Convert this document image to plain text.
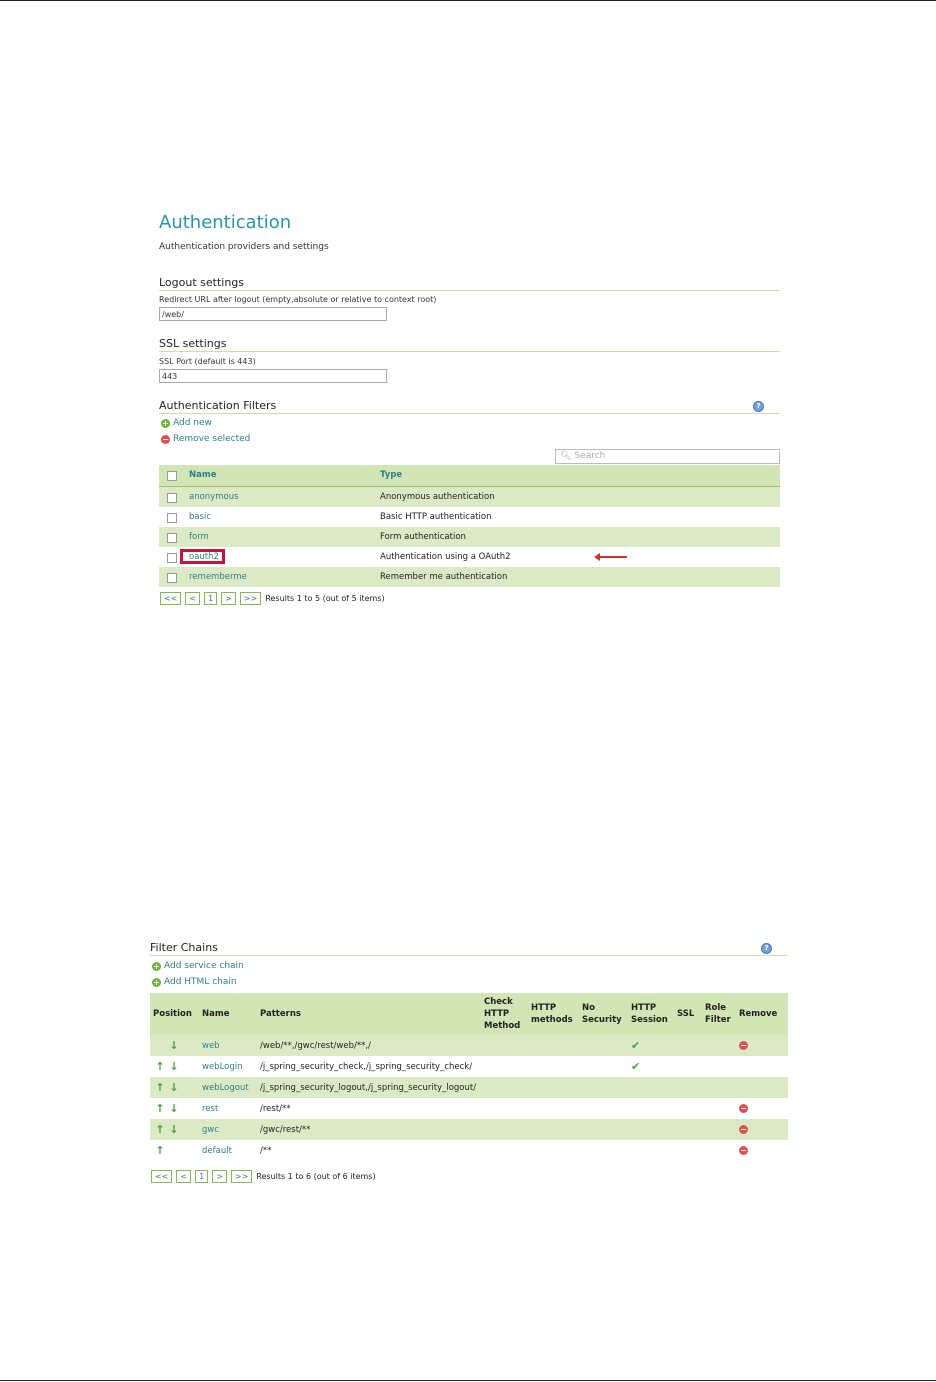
Authentication
Authentication providers and settings
Logout settings
Redirect URL after logout (empty,absolute or relative to context root)
/web/
SSL settings
SSL Port (default is 443)
443
Authentication Filters	?
+ Add new
− Remove selected
🔍︎ Search
Name	Type
anonymous	Anonymous authentication
basic	Basic HTTP authentication
form	Form authentication
oauth2	Authentication using a OAuth2
rememberme	Remember me authentication
<<	<	1	>	>>	Results 1 to 5 (out of 5 items)
Filter Chains	?
+ Add service chain
+ Add HTML chain
Position	Name	Patterns	Check HTTP Method	HTTP methods	No Security	HTTP Session	SSL	Role Filter	Remove
↓	web	/web/**,/gwc/rest/web/**,/				✔			−
↑ ↓	webLogin	/j_spring_security_check,/j_spring_security_check/				✔			
↑ ↓	webLogout	/j_spring_security_logout,/j_spring_security_logout/							
↑ ↓	rest	/rest/**							−
↑ ↓	gwc	/gwc/rest/**							−
↑	default	/**							−
<<	<	1	>	>>	Results 1 to 6 (out of 6 items)
